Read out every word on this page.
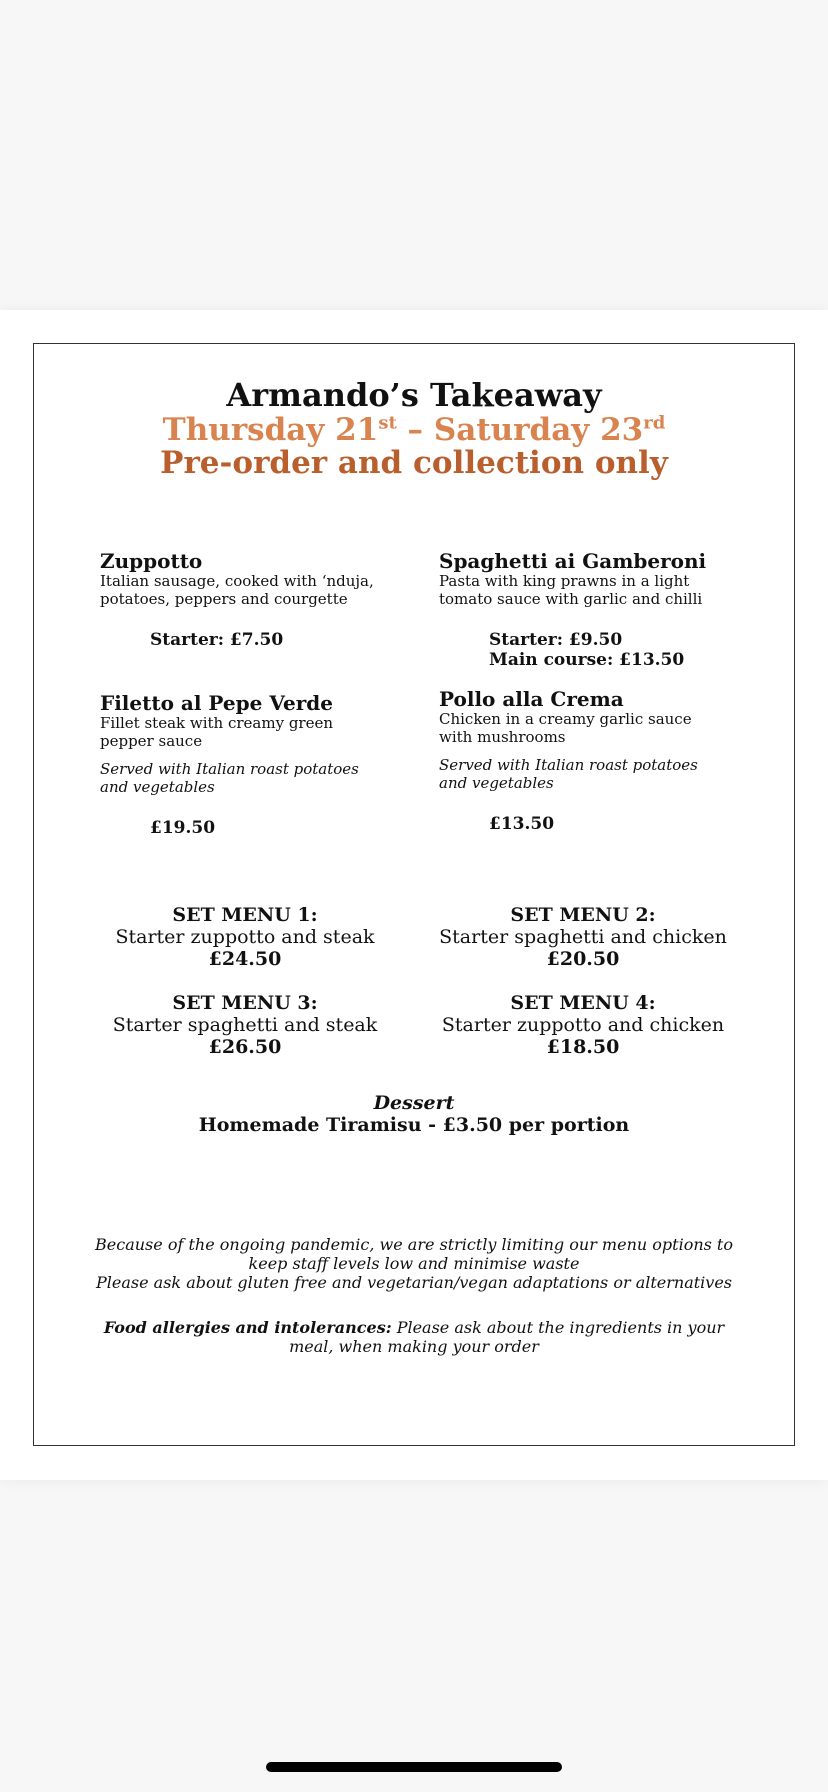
Armando’s Takeaway
Thursday 21st – Saturday 23rd
Pre-order and collection only
Zuppotto
Italian sausage, cooked with ‘nduja, potatoes, peppers and courgette
Starter: £7.50
Spaghetti ai Gamberoni
Pasta with king prawns in a light tomato sauce with garlic and chilli
Starter: £9.50
Main course: £13.50
Filetto al Pepe Verde
Fillet steak with creamy green pepper sauce
Served with Italian roast potatoes and vegetables
£19.50
Pollo alla Crema
Chicken in a creamy garlic sauce with mushrooms
Served with Italian roast potatoes and vegetables
£13.50
SET MENU 1:
Starter zuppotto and steak
£24.50
SET MENU 2:
Starter spaghetti and chicken
£20.50
SET MENU 3:
Starter spaghetti and steak
£26.50
SET MENU 4:
Starter zuppotto and chicken
£18.50
Dessert
Homemade Tiramisu - £3.50 per portion
Because of the ongoing pandemic, we are strictly limiting our menu options to keep staff levels low and minimise waste
Please ask about gluten free and vegetarian/vegan adaptations or alternatives
Food allergies and intolerances: Please ask about the ingredients in your meal, when making your order
